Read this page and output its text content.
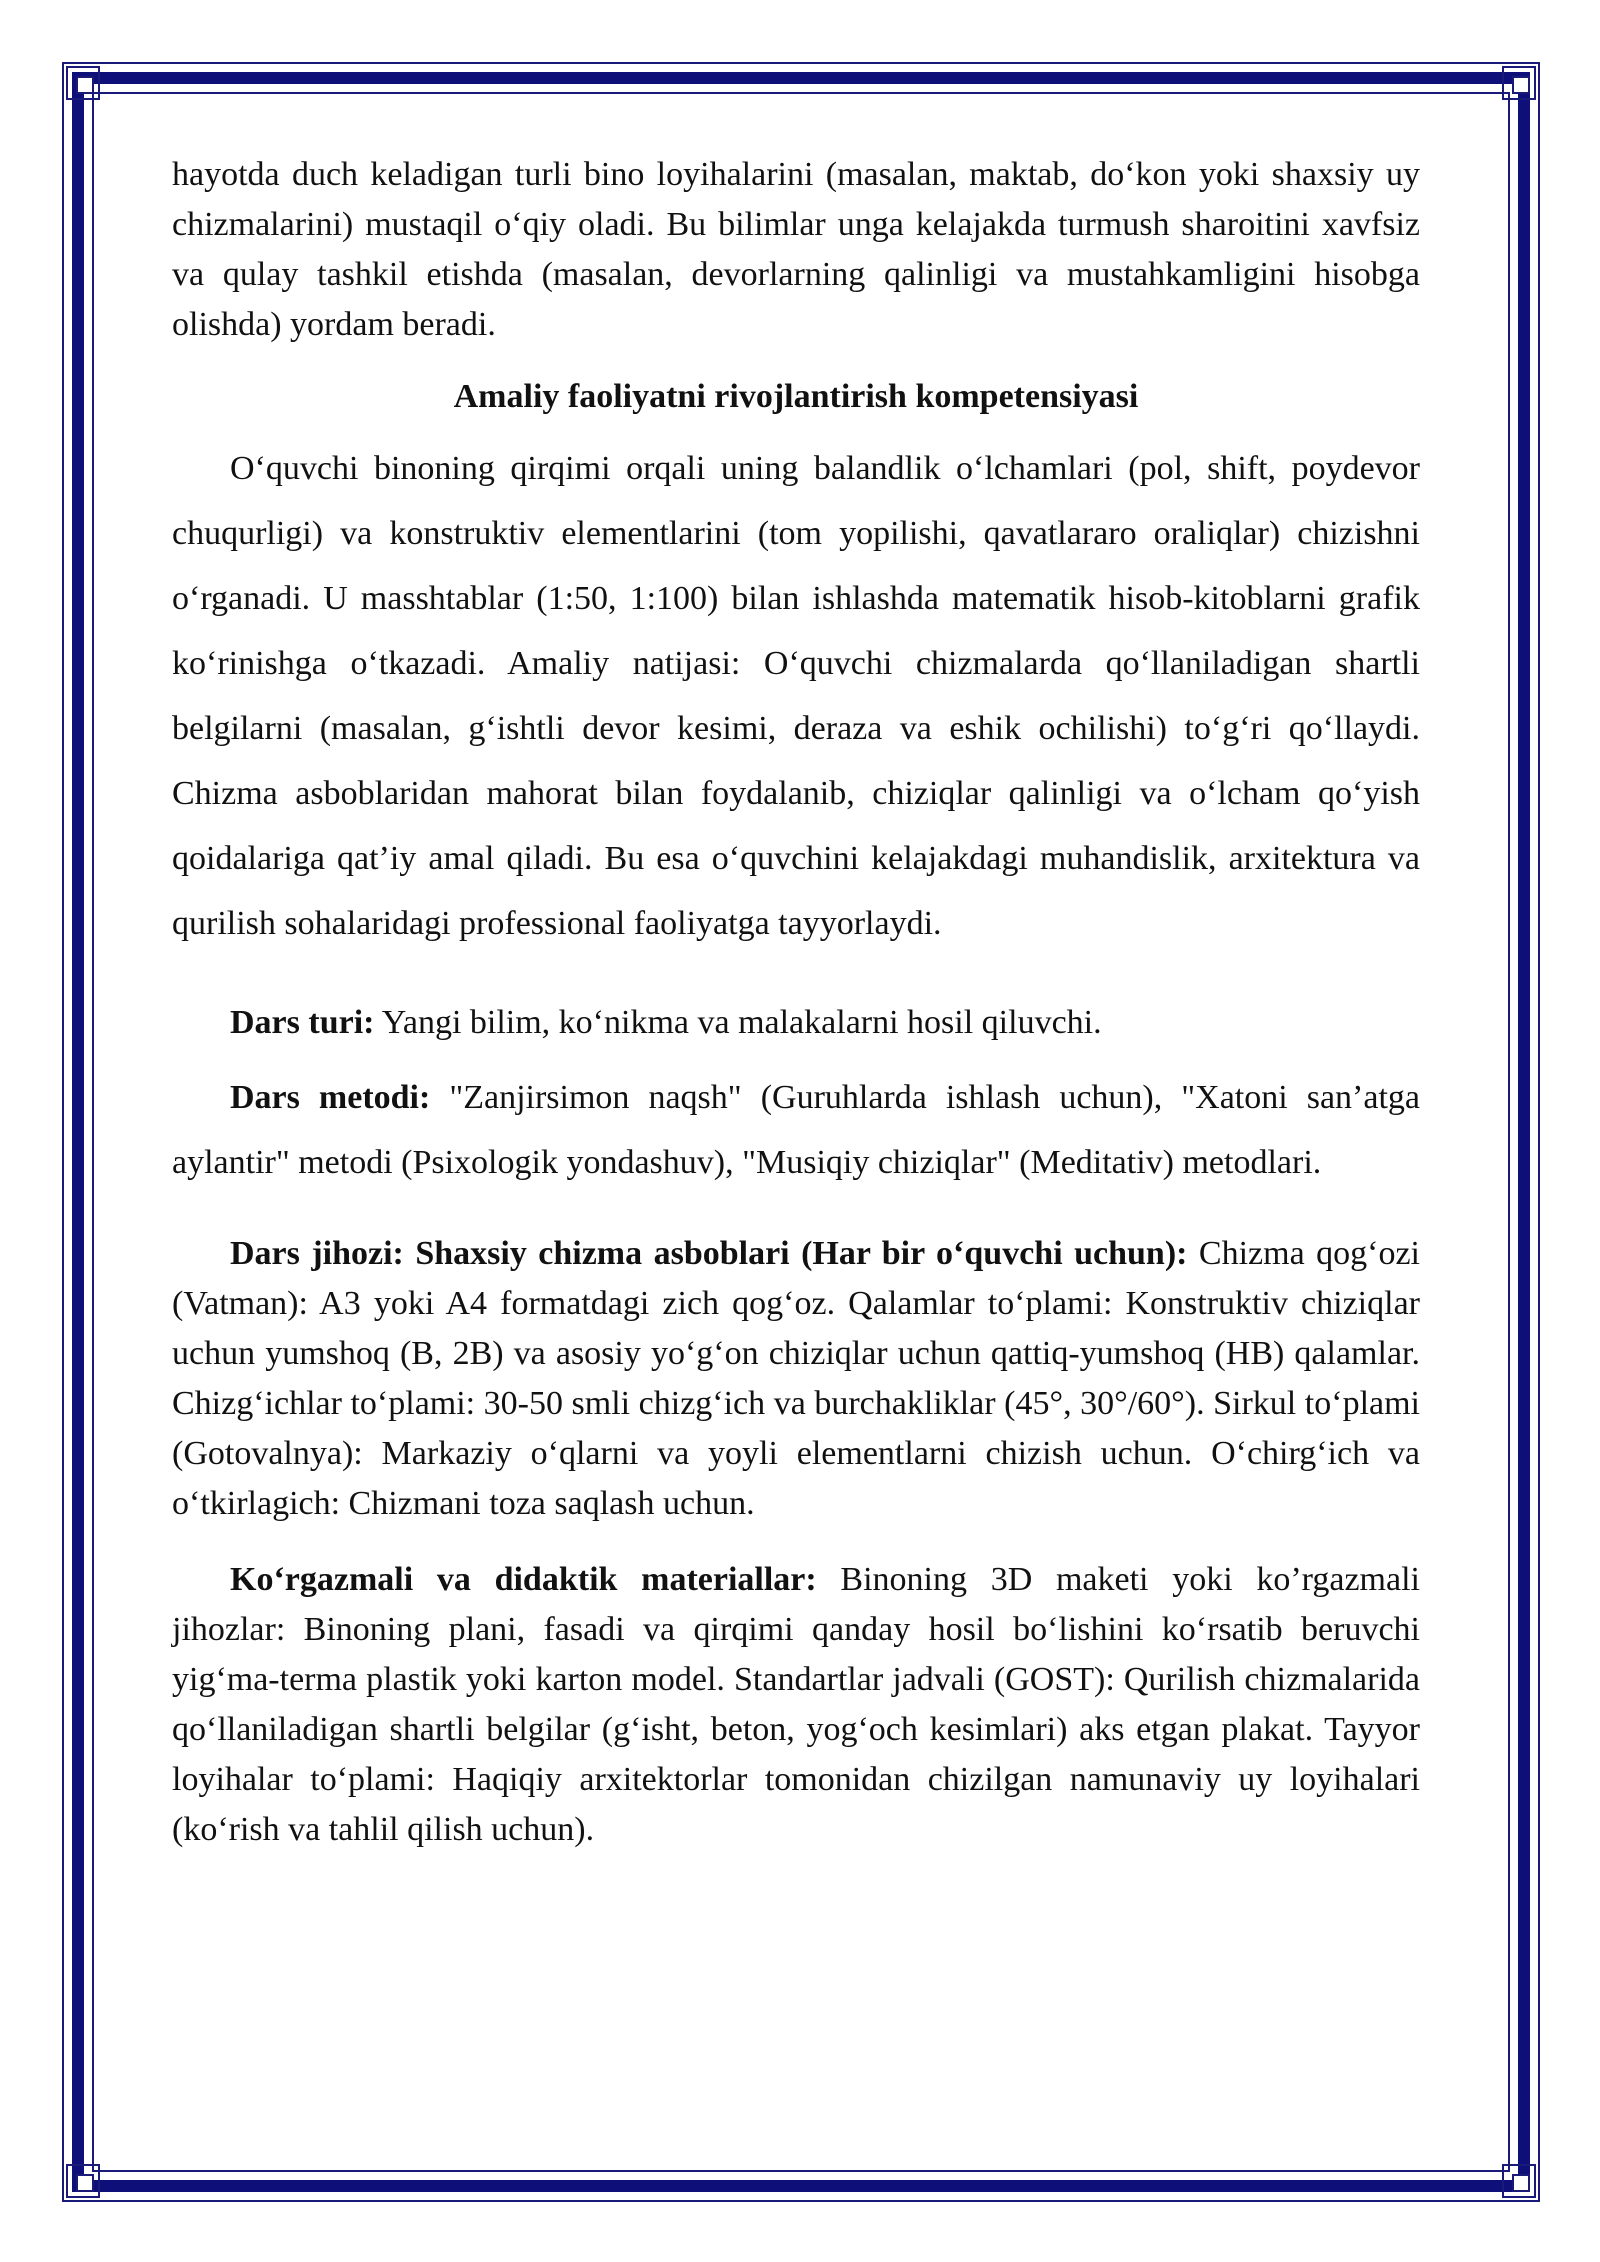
hayotda duch keladigan turli bino loyihalarini (masalan, maktab, do‘kon yoki shaxsiy uy chizmalarini) mustaqil o‘qiy oladi. Bu bilimlar unga kelajakda turmush sharoitini xavfsiz va qulay tashkil etishda (masalan, devorlarning qalinligi va mustahkamligini hisobga olishda) yordam beradi.

Amaliy faoliyatni rivojlantirish kompetensiyasi

O‘quvchi binoning qirqimi orqali uning balandlik o‘lchamlari (pol, shift, poydevor chuqurligi) va konstruktiv elementlarini (tom yopilishi, qavatlararo oraliqlar) chizishni o‘rganadi. U masshtablar (1:50, 1:100) bilan ishlashda matematik hisob-kitoblarni grafik ko‘rinishga o‘tkazadi. Amaliy natijasi: O‘quvchi chizmalarda qo‘llaniladigan shartli belgilarni (masalan, g‘ishtli devor kesimi, deraza va eshik ochilishi) to‘g‘ri qo‘llaydi. Chizma asboblaridan mahorat bilan foydalanib, chiziqlar qalinligi va o‘lcham qo‘yish qoidalariga qat’iy amal qiladi. Bu esa o‘quvchini kelajakdagi muhandislik, arxitektura va qurilish sohalaridagi professional faoliyatga tayyorlaydi.

Dars turi: Yangi bilim, ko‘nikma va malakalarni hosil qiluvchi.

Dars metodi: "Zanjirsimon naqsh" (Guruhlarda ishlash uchun), "Xatoni san’atga aylantir" metodi (Psixologik yondashuv), "Musiqiy chiziqlar" (Meditativ) metodlari.

Dars jihozi: Shaxsiy chizma asboblari (Har bir o‘quvchi uchun): Chizma qog‘ozi (Vatman): A3 yoki A4 formatdagi zich qog‘oz. Qalamlar to‘plami: Konstruktiv chiziqlar uchun yumshoq (B, 2B) va asosiy yo‘g‘on chiziqlar uchun qattiq-yumshoq (HB) qalamlar. Chizg‘ichlar to‘plami: 30-50 smli chizg‘ich va burchakliklar (45°, 30°/60°). Sirkul to‘plami (Gotovalnya): Markaziy o‘qlarni va yoyli elementlarni chizish uchun. O‘chirg‘ich va o‘tkirlagich: Chizmani toza saqlash uchun.

Ko‘rgazmali va didaktik materiallar: Binoning 3D maketi yoki ko’rgazmali jihozlar: Binoning plani, fasadi va qirqimi qanday hosil bo‘lishini ko‘rsatib beruvchi yig‘ma-terma plastik yoki karton model. Standartlar jadvali (GOST): Qurilish chizmalarida qo‘llaniladigan shartli belgilar (g‘isht, beton, yog‘och kesimlari) aks etgan plakat. Tayyor loyihalar to‘plami: Haqiqiy arxitektorlar tomonidan chizilgan namunaviy uy loyihalari (ko‘rish va tahlil qilish uchun).
